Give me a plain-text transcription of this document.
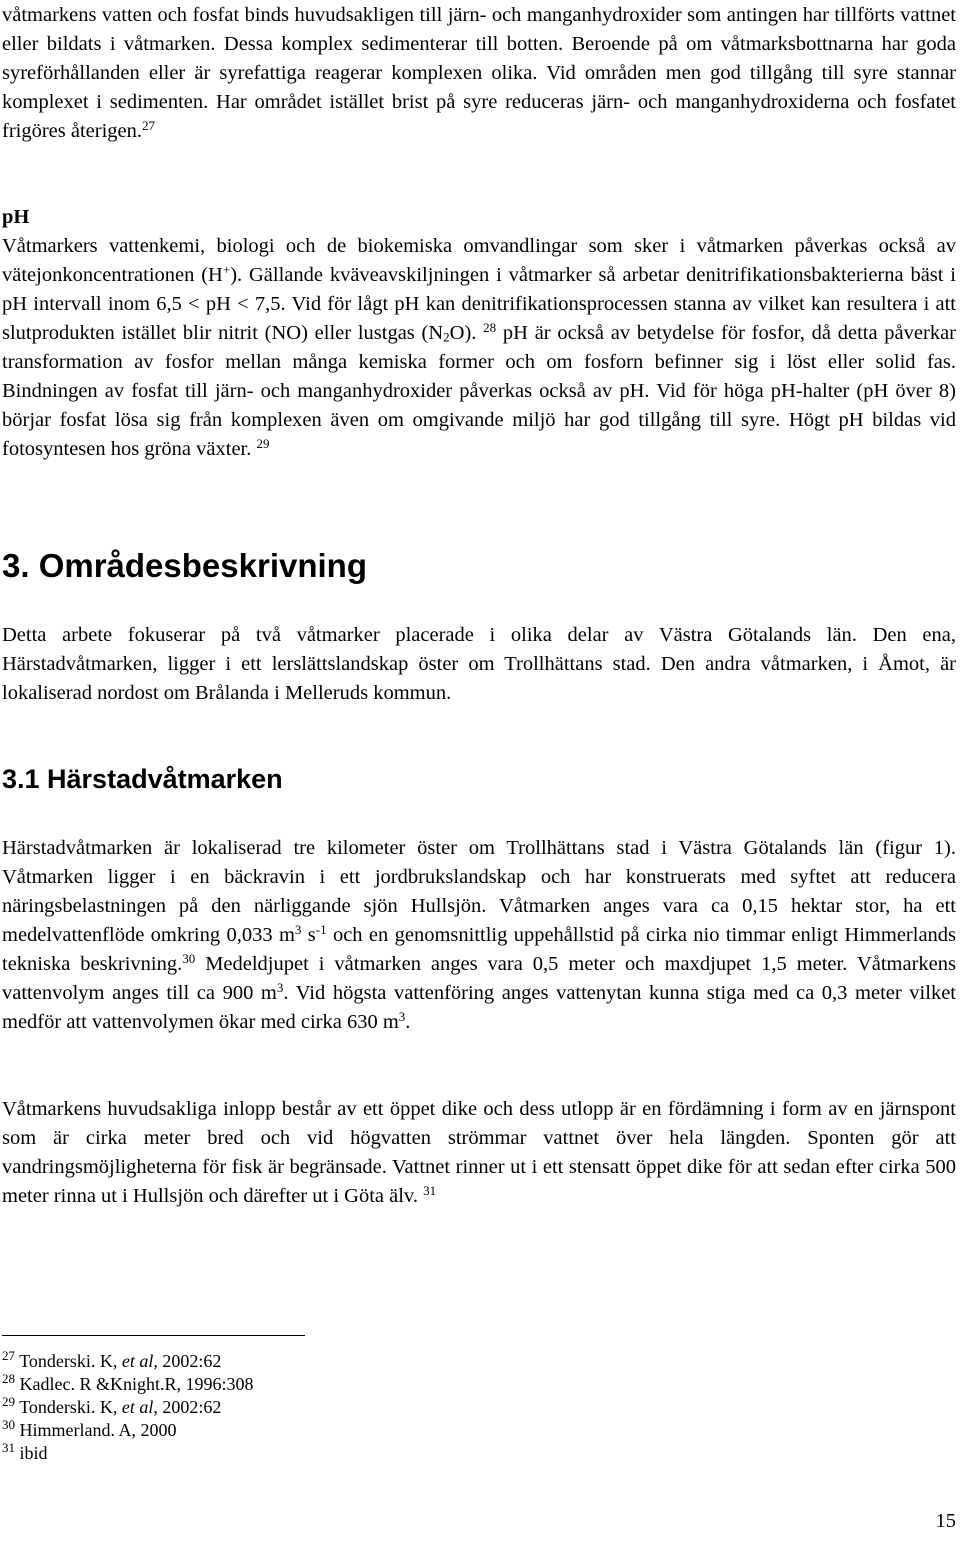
våtmarkens vatten och fosfat binds huvudsakligen till järn- och manganhydroxider som antingen har tillförts vattnet eller bildats i våtmarken. Dessa komplex sedimenterar till botten. Beroende på om våtmarksbottnarna har goda syreförhållanden eller är syrefattiga reagerar komplexen olika. Vid områden men god tillgång till syre stannar komplexet i sedimenten. Har området istället brist på syre reduceras järn- och manganhydroxiderna och fosfatet frigöres återigen.$^{27}$

pH

Våtmarkers vattenkemi, biologi och de biokemiska omvandlingar som sker i våtmarken påverkas också av vätejonkoncentrationen (H+). Gällande kväveavskiljningen i våtmarker så arbetar denitrifikationsbakterierna bäst i pH intervall inom 6,5 < pH < 7,5. Vid för lågt pH kan denitrifikationsprocessen stanna av vilket kan resultera i att slutprodukten istället blir nitrit (NO) eller lustgas $(N_2O)$. $^{28}$ pH är också av betydelse för fosfor, då detta påverkar transformation av fosfor mellan många kemiska former och om fosforn befinner sig i löst eller solid fas. Bindningen av fosfat till järn- och manganhydroxider påverkas också av pH. Vid för höga pH-halter (pH över 8) börjar fosfat lösa sig från komplexen även om omgivande miljö har god tillgång till syre. Högt pH bildas vid fotosyntesen hos gröna växter. $^{29}$

3. Områdesbeskrivning

Detta arbete fokuserar på två våtmarker placerade i olika delar av Västra Götalands län. Den ena, Härstadvåtmarken, ligger i ett lerslättslandskap öster om Trollhättans stad. Den andra våtmarken, i Åmot, är lokaliserad nordost om Brålanda i Melleruds kommun.

3.1 Härstadvåtmarken

Härstadvåtmarken är lokaliserad tre kilometer öster om Trollhättans stad i Västra Götalands län (figur 1). Våtmarken ligger i en bäckravin i ett jordbrukslandskap och har konstruerats med syftet att reducera näringsbelastningen på den närliggande sjön Hullsjön. Våtmarken anges vara ca 0,15 hektar stor, ha ett medelvattenflöde omkring 0,033 $m^3$ $s^{-1}$ och en genomsnittlig uppehållstid på cirka nio timmar enligt Himmerlands tekniska beskrivning.$^{30}$ Medeldjupet i våtmarken anges vara 0,5 meter och maxdjupet 1,5 meter. Våtmarkens vattenvolym anges till ca 900 $m^3$. Vid högsta vattenföring anges vattenytan kunna stiga med ca 0,3 meter vilket medför att vattenvolymen ökar med cirka 630 $m^3$.

Våtmarkens huvudsakliga inlopp består av ett öppet dike och dess utlopp är en fördämning i form av en järnspont som är cirka meter bred och vid högvatten strömmar vattnet över hela längden. Sponten gör att vandringsmöjligheterna för fisk är begränsade. Vattnet rinner ut i ett stensatt öppet dike för att sedan efter cirka 500 meter rinna ut i Hullsjön och därefter ut i Göta älv. $^{31}$

$^{27}$ Tonderski. K, et al, 2002:62
$^{28}$ Kadlec. R &Knight.R, 1996:308
$^{29}$ Tonderski. K, et al, 2002:62
$^{30}$ Himmerland. A, 2000
$^{31}$ ibid
15
